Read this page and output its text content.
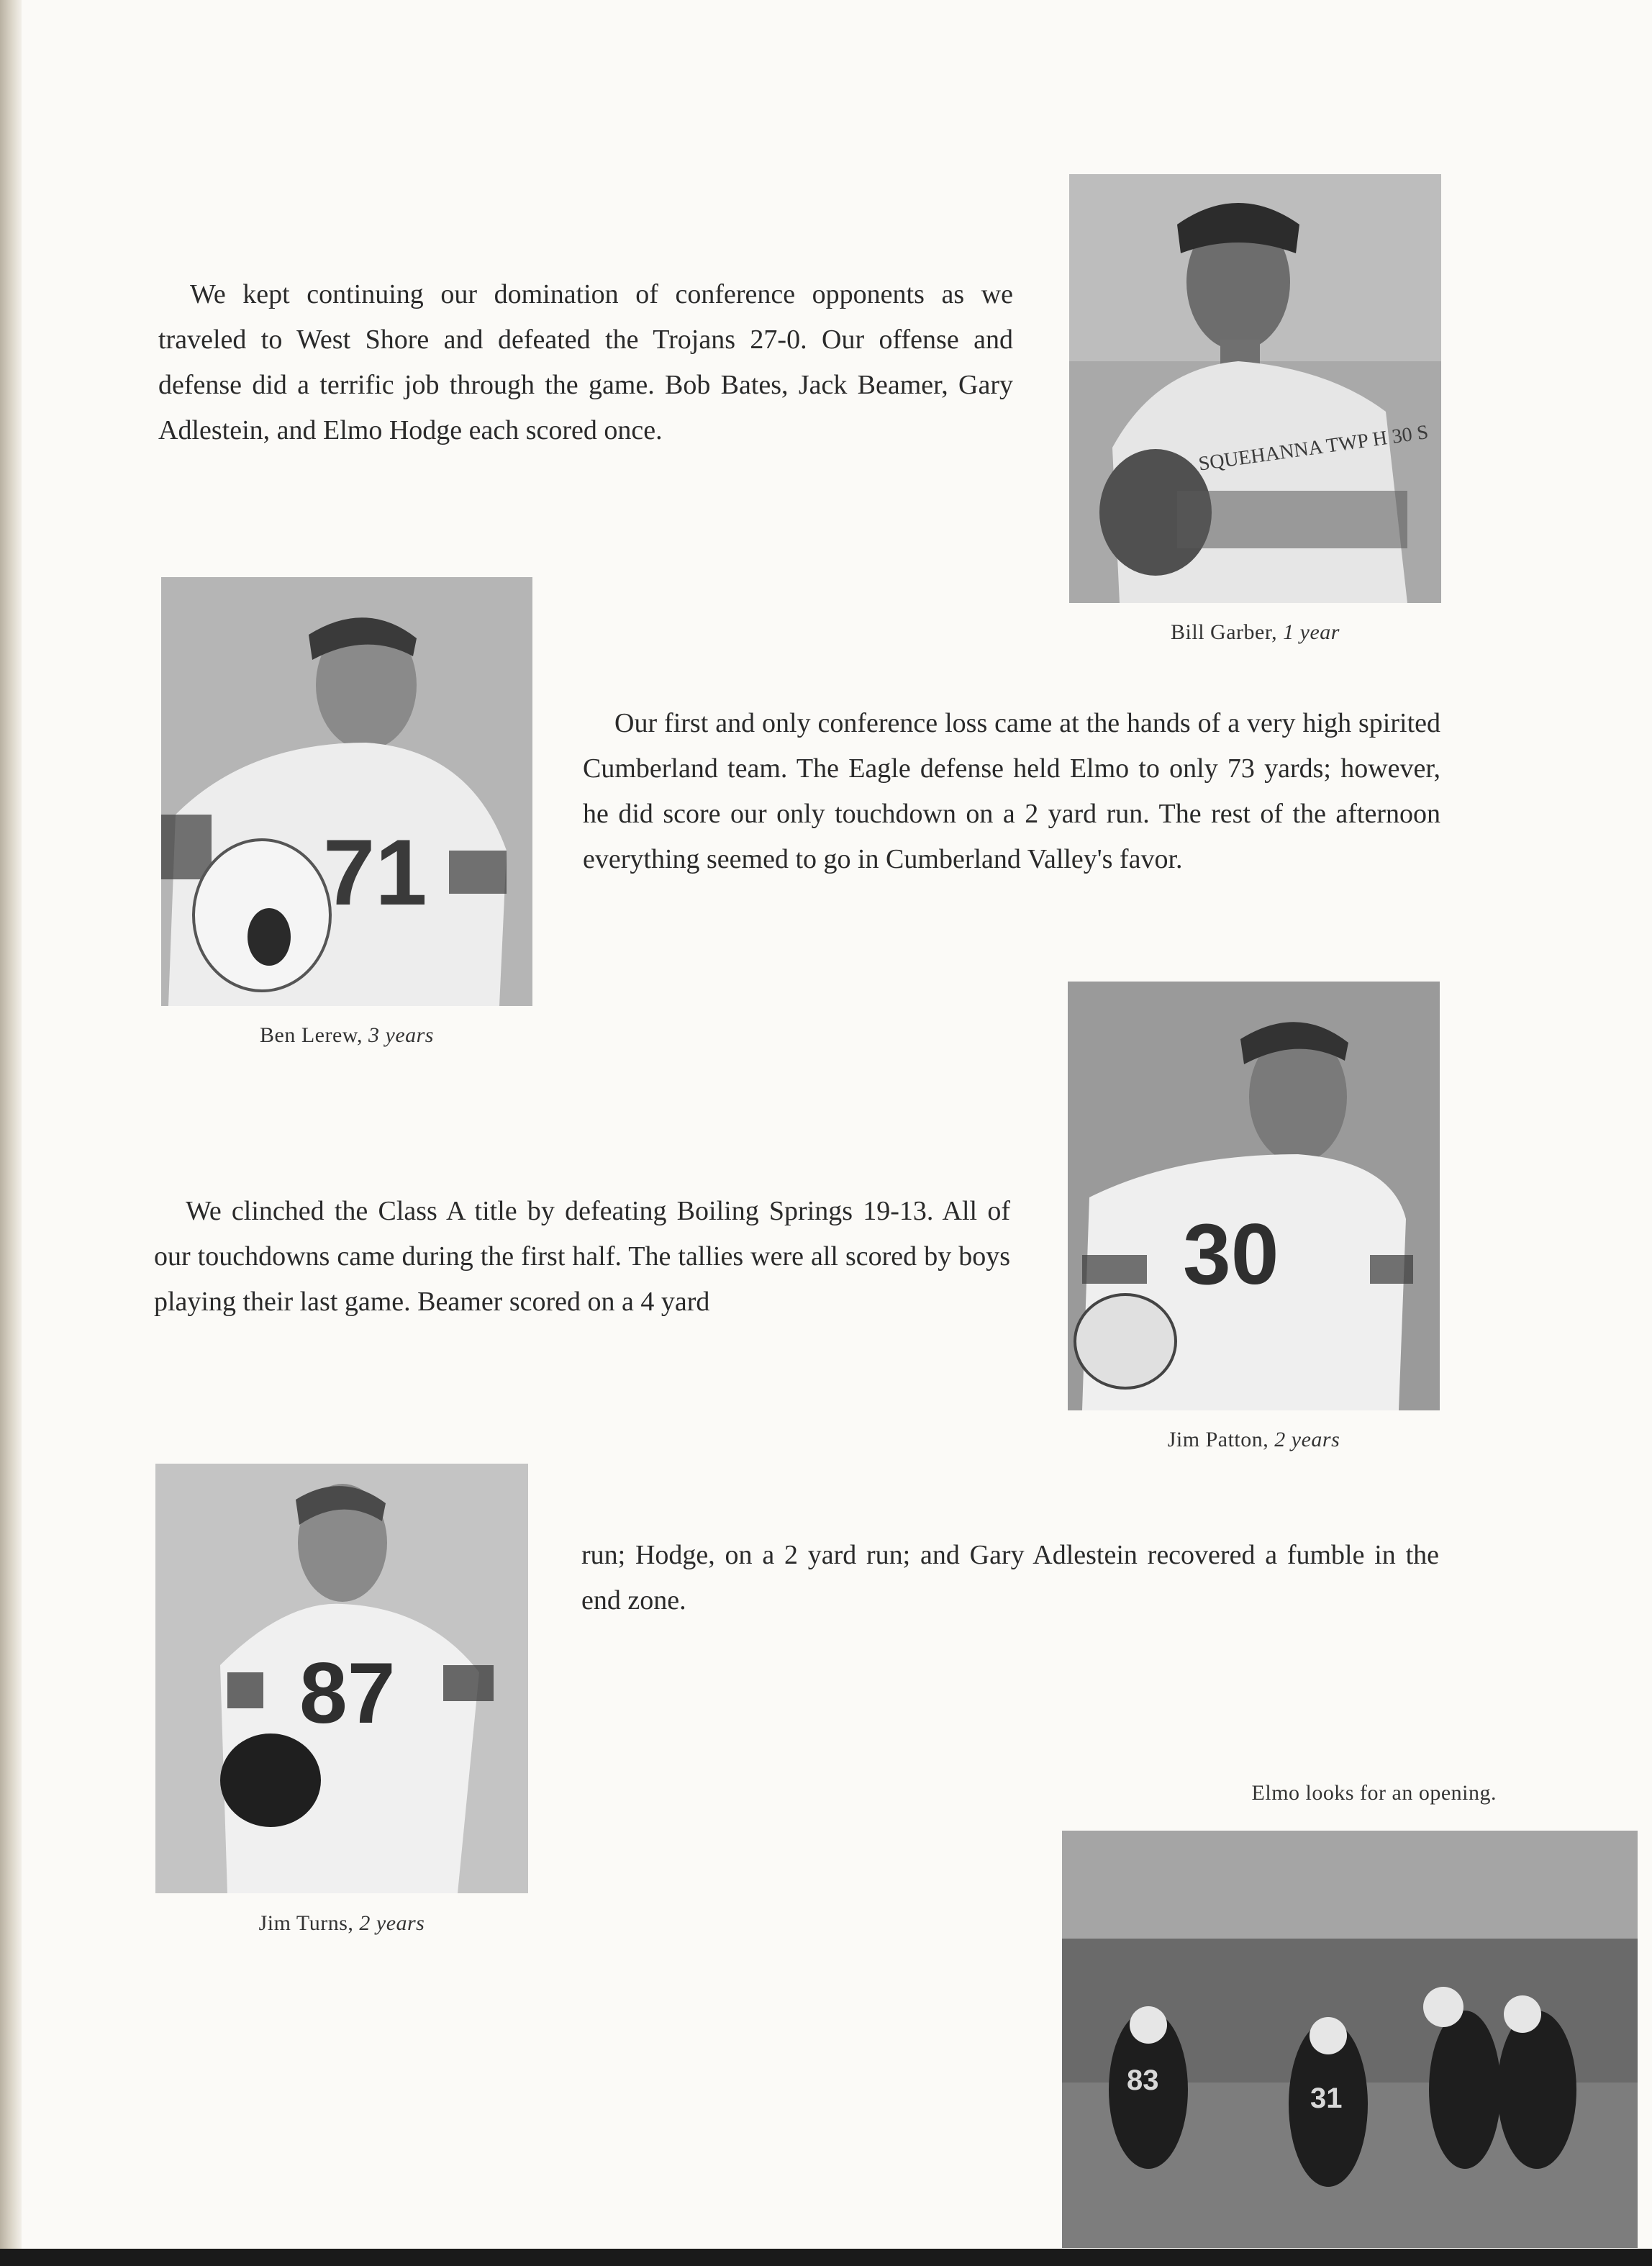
We kept continuing our domination of conference opponents as we traveled to West Shore and defeated the Trojans 27-0. Our offense and defense did a terrific job through the game. Bob Bates, Jack Beamer, Gary Adlestein, and Elmo Hodge each scored once.	SQUEHANNA TWP H 30 S
Bill Garber, 1 year
71
Ben Lerew, 3 years

Our first and only conference loss came at the hands of a very high spirited Cumberland team. The Eagle defense held Elmo to only 73 yards; however, he did score our only touchdown on a 2 yard run. The rest of the afternoon everything seemed to go in Cumberland Valley's favor.

30
Jim Patton, 2 years

We clinched the Class A title by defeating Boiling Springs 19-13. All of our touchdowns came during the first half. The tallies were all scored by boys playing their last game. Beamer scored on a 4 yard

87
Jim Turns, 2 years

run; Hodge, on a 2 yard run; and Gary Adlestein recovered a fumble in the end zone.

Elmo looks for an opening.
83
31
